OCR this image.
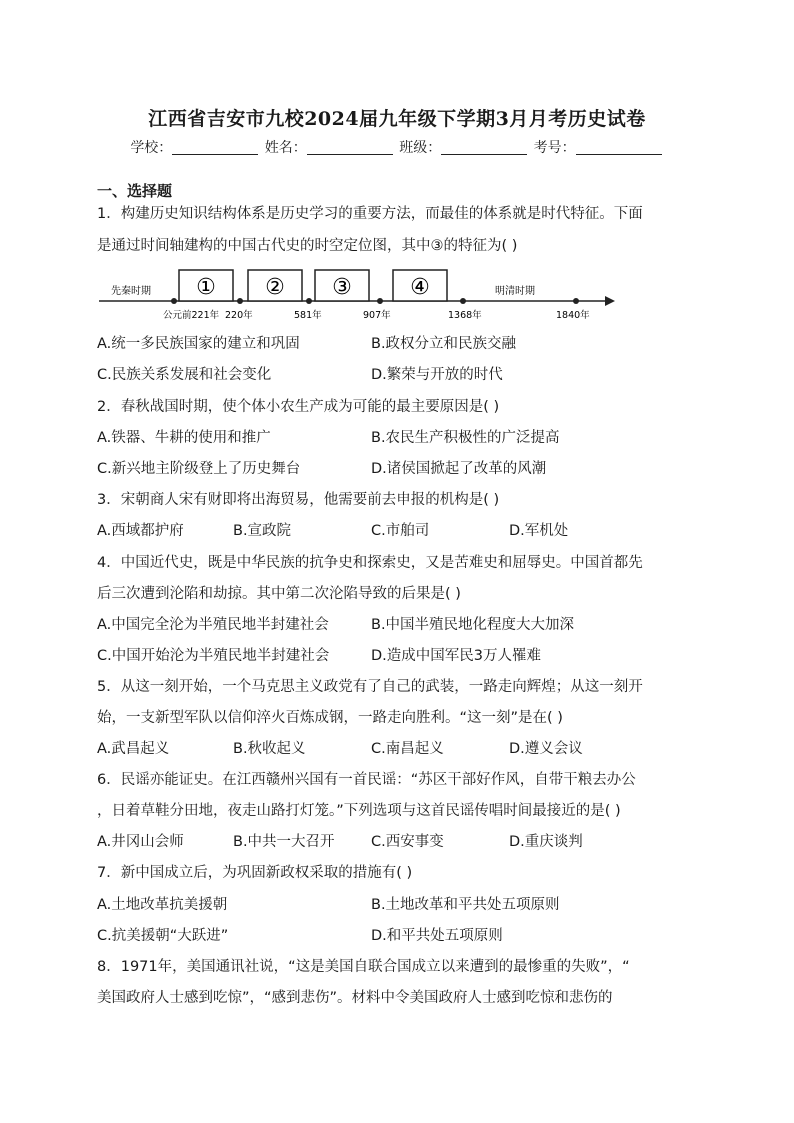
江西省吉安市九校2024届九年级下学期3月月考历史试卷
学校：	姓名：	班级：	考号：
一、选择题
1．构建历史知识结构体系是历史学习的重要方法，而最佳的体系就是时代特征。下面
是通过时间轴建构的中国古代史的时空定位图，其中③的特征为( )
先秦时期	明清时期
① ② ③	④
公元前221年 220年	581年	907年	1368年	1840年
A.统一多民族国家的建立和巩固	B.政权分立和民族交融
C.民族关系发展和社会变化	D.繁荣与开放的时代
2．春秋战国时期，使个体小农生产成为可能的最主要原因是( )
A.铁器、牛耕的使用和推广	B.农民生产积极性的广泛提高
C.新兴地主阶级登上了历史舞台	D.诸侯国掀起了改革的风潮
3．宋朝商人宋有财即将出海贸易，他需要前去申报的机构是( )
A.西域都护府	B.宣政院	C.市舶司	D.军机处
4．中国近代史，既是中华民族的抗争史和探索史，又是苦难史和屈辱史。中国首都先
后三次遭到沦陷和劫掠。其中第二次沦陷导致的后果是( )
A.中国完全沦为半殖民地半封建社会	B.中国半殖民地化程度大大加深
C.中国开始沦为半殖民地半封建社会	D.造成中国军民3万人罹难
5．从这一刻开始，一个马克思主义政党有了自己的武装，一路走向辉煌；从这一刻开
始，一支新型军队以信仰淬火百炼成钢，一路走向胜利。“这一刻”是在( )
A.武昌起义	B.秋收起义	C.南昌起义	D.遵义会议
6．民谣亦能证史。在江西赣州兴国有一首民谣：“苏区干部好作风，自带干粮去办公
，日着草鞋分田地，夜走山路打灯笼。”下列选项与这首民谣传唱时间最接近的是( )
A.井冈山会师	B.中共一大召开	C.西安事变	D.重庆谈判
7．新中国成立后，为巩固新政权采取的措施有( )
A.土地改革抗美援朝	B.土地改革和平共处五项原则
C.抗美援朝“大跃进”	D.和平共处五项原则
8．1971年，美国通讯社说，“这是美国自联合国成立以来遭到的最惨重的失败”，“
美国政府人士感到吃惊”，“感到悲伤”。材料中令美国政府人士感到吃惊和悲伤的
